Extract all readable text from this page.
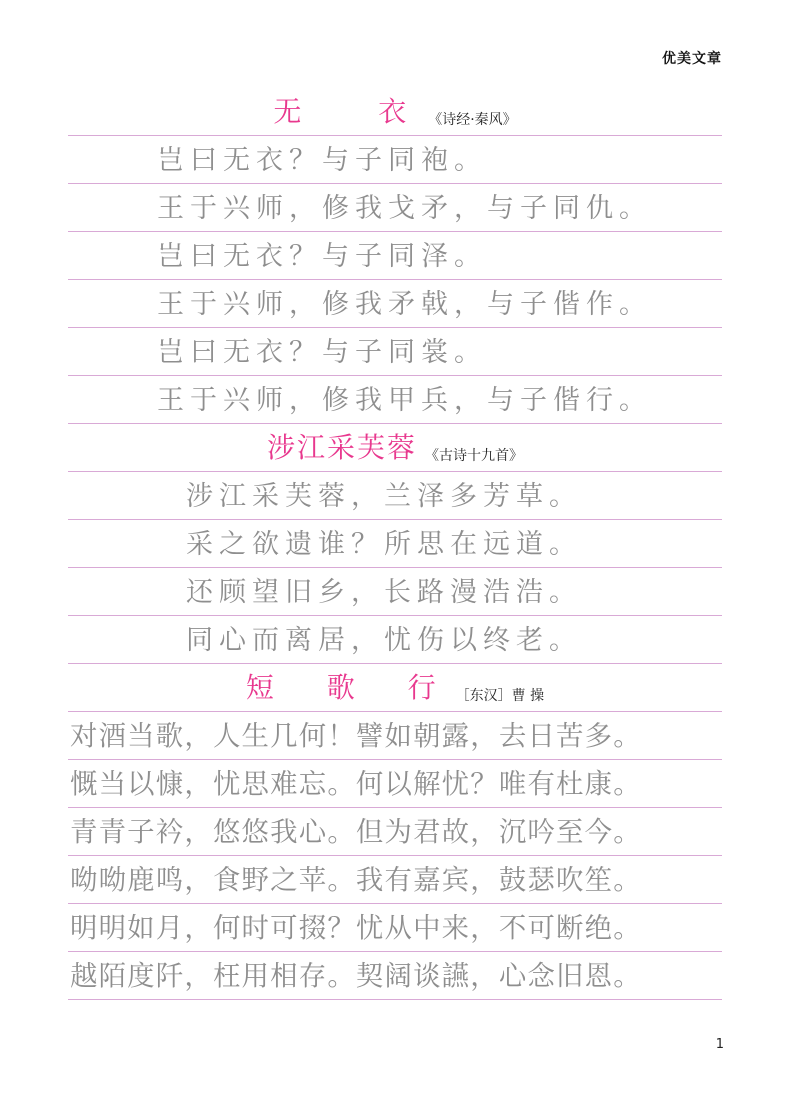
优美文章
无 衣
《诗经·秦风》
岂曰无衣？与子同袍。
王于兴师，修我戈矛，与子同仇。
岂曰无衣？与子同泽。
王于兴师，修我矛戟，与子偕作。
岂曰无衣？与子同裳。
王于兴师，修我甲兵，与子偕行。
涉江采芙蓉 《古诗十九首》
涉江采芙蓉，兰泽多芳草。
采之欲遗谁？所思在远道。
还顾望旧乡，长路漫浩浩。
同心而离居，忧伤以终老。
短 歌 行
［东汉］曹 操
对酒当歌，人生几何！譬如朝露，去日苦多。
慨当以慷，忧思难忘。何以解忧？唯有杜康。
青青子衿，悠悠我心。但为君故，沉吟至今。
呦呦鹿鸣，食野之苹。我有嘉宾，鼓瑟吹笙。
明明如月，何时可掇？忧从中来，不可断绝。
越陌度阡，枉用相存。契阔谈讌，心念旧恩。
1
